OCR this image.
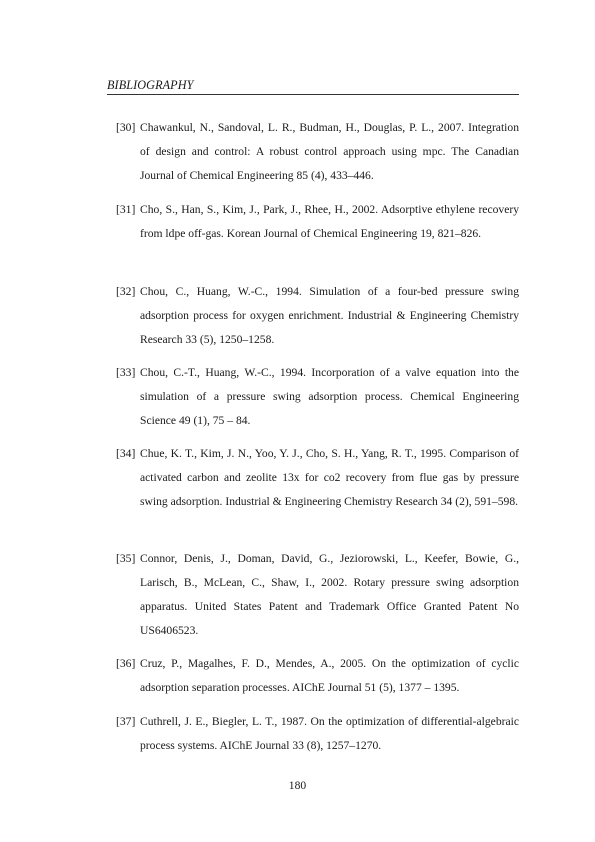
BIBLIOGRAPHY
[30] Chawankul, N., Sandoval, L. R., Budman, H., Douglas, P. L., 2007. Integration of design and control: A robust control approach using mpc. The Canadian Journal of Chemical Engineering 85 (4), 433–446.
[31] Cho, S., Han, S., Kim, J., Park, J., Rhee, H., 2002. Adsorptive ethylene recovery from ldpe off-gas. Korean Journal of Chemical Engineering 19, 821–826.
[32] Chou, C., Huang, W.-C., 1994. Simulation of a four-bed pressure swing adsorption process for oxygen enrichment. Industrial & Engineering Chemistry Research 33 (5), 1250–1258.
[33] Chou, C.-T., Huang, W.-C., 1994. Incorporation of a valve equation into the simulation of a pressure swing adsorption process. Chemical Engineering Science 49 (1), 75 – 84.
[34] Chue, K. T., Kim, J. N., Yoo, Y. J., Cho, S. H., Yang, R. T., 1995. Comparison of activated carbon and zeolite 13x for co2 recovery from flue gas by pressure swing adsorption. Industrial & Engineering Chemistry Research 34 (2), 591–598.
[35] Connor, Denis, J., Doman, David, G., Jeziorowski, L., Keefer, Bowie, G., Larisch, B., McLean, C., Shaw, I., 2002. Rotary pressure swing adsorption apparatus. United States Patent and Trademark Office Granted Patent No US6406523.
[36] Cruz, P., Magalhes, F. D., Mendes, A., 2005. On the optimization of cyclic adsorption separation processes. AIChE Journal 51 (5), 1377 – 1395.
[37] Cuthrell, J. E., Biegler, L. T., 1987. On the optimization of differential-algebraic process systems. AIChE Journal 33 (8), 1257–1270.
180
